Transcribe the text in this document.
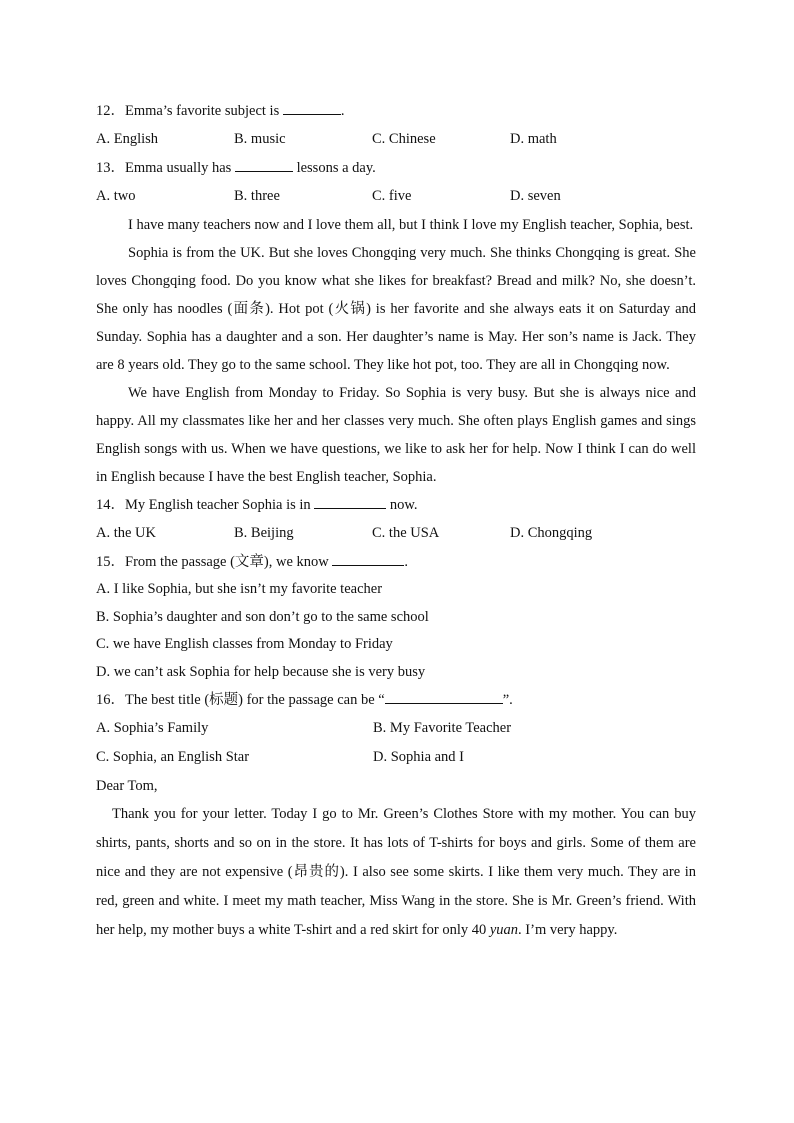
12．Emma’s favorite subject is	.
A. English	B. music	C. Chinese	D. math
13．Emma usually has	lessons a day.
A. two	B. three	C. five	D. seven

I have many teachers now and I love them all, but I think I love my English teacher, Sophia, best.

Sophia is from the UK. But she loves Chongqing very much. She thinks Chongqing is great. She loves Chongqing food. Do you know what she likes for breakfast? Bread and milk? No, she doesn’t. She only has noodles (面条). Hot pot (火锅) is her favorite and she always eats it on Saturday and Sunday. Sophia has a daughter and a son. Her daughter’s name is May. Her son’s name is Jack. They are 8 years old. They go to the same school. They like hot pot, too. They are all in Chongqing now.

We have English from Monday to Friday. So Sophia is very busy. But she is always nice and happy. All my classmates like her and her classes very much. She often plays English games and sings English songs with us. When we have questions, we like to ask her for help. Now I think I can do well in English because I have the best English teacher, Sophia.

14．My English teacher Sophia is in	now.
A. the UK	B. Beijing	C. the USA	D. Chongqing
15．From the passage (文章), we know	.
A. I like Sophia, but she isn’t my favorite teacher
B. Sophia’s daughter and son don’t go to the same school
C. we have English classes from Monday to Friday
D. we can’t ask Sophia for help because she is very busy
16．The best title (标题) for the passage can be “	”.
A. Sophia’s Family	B. My Favorite Teacher
C. Sophia, an English Star	D. Sophia and I
Dear Tom,

Thank you for your letter. Today I go to Mr. Green’s Clothes Store with my mother. You can buy shirts, pants, shorts and so on in the store. It has lots of T-shirts for boys and girls. Some of them are nice and they are not expensive (昂贵的). I also see some skirts. I like them very much. They are in red, green and white. I meet my math teacher, Miss Wang in the store. She is Mr. Green’s friend. With her help, my mother buys a white T-shirt and a red skirt for only 40 yuan. I’m very happy.
